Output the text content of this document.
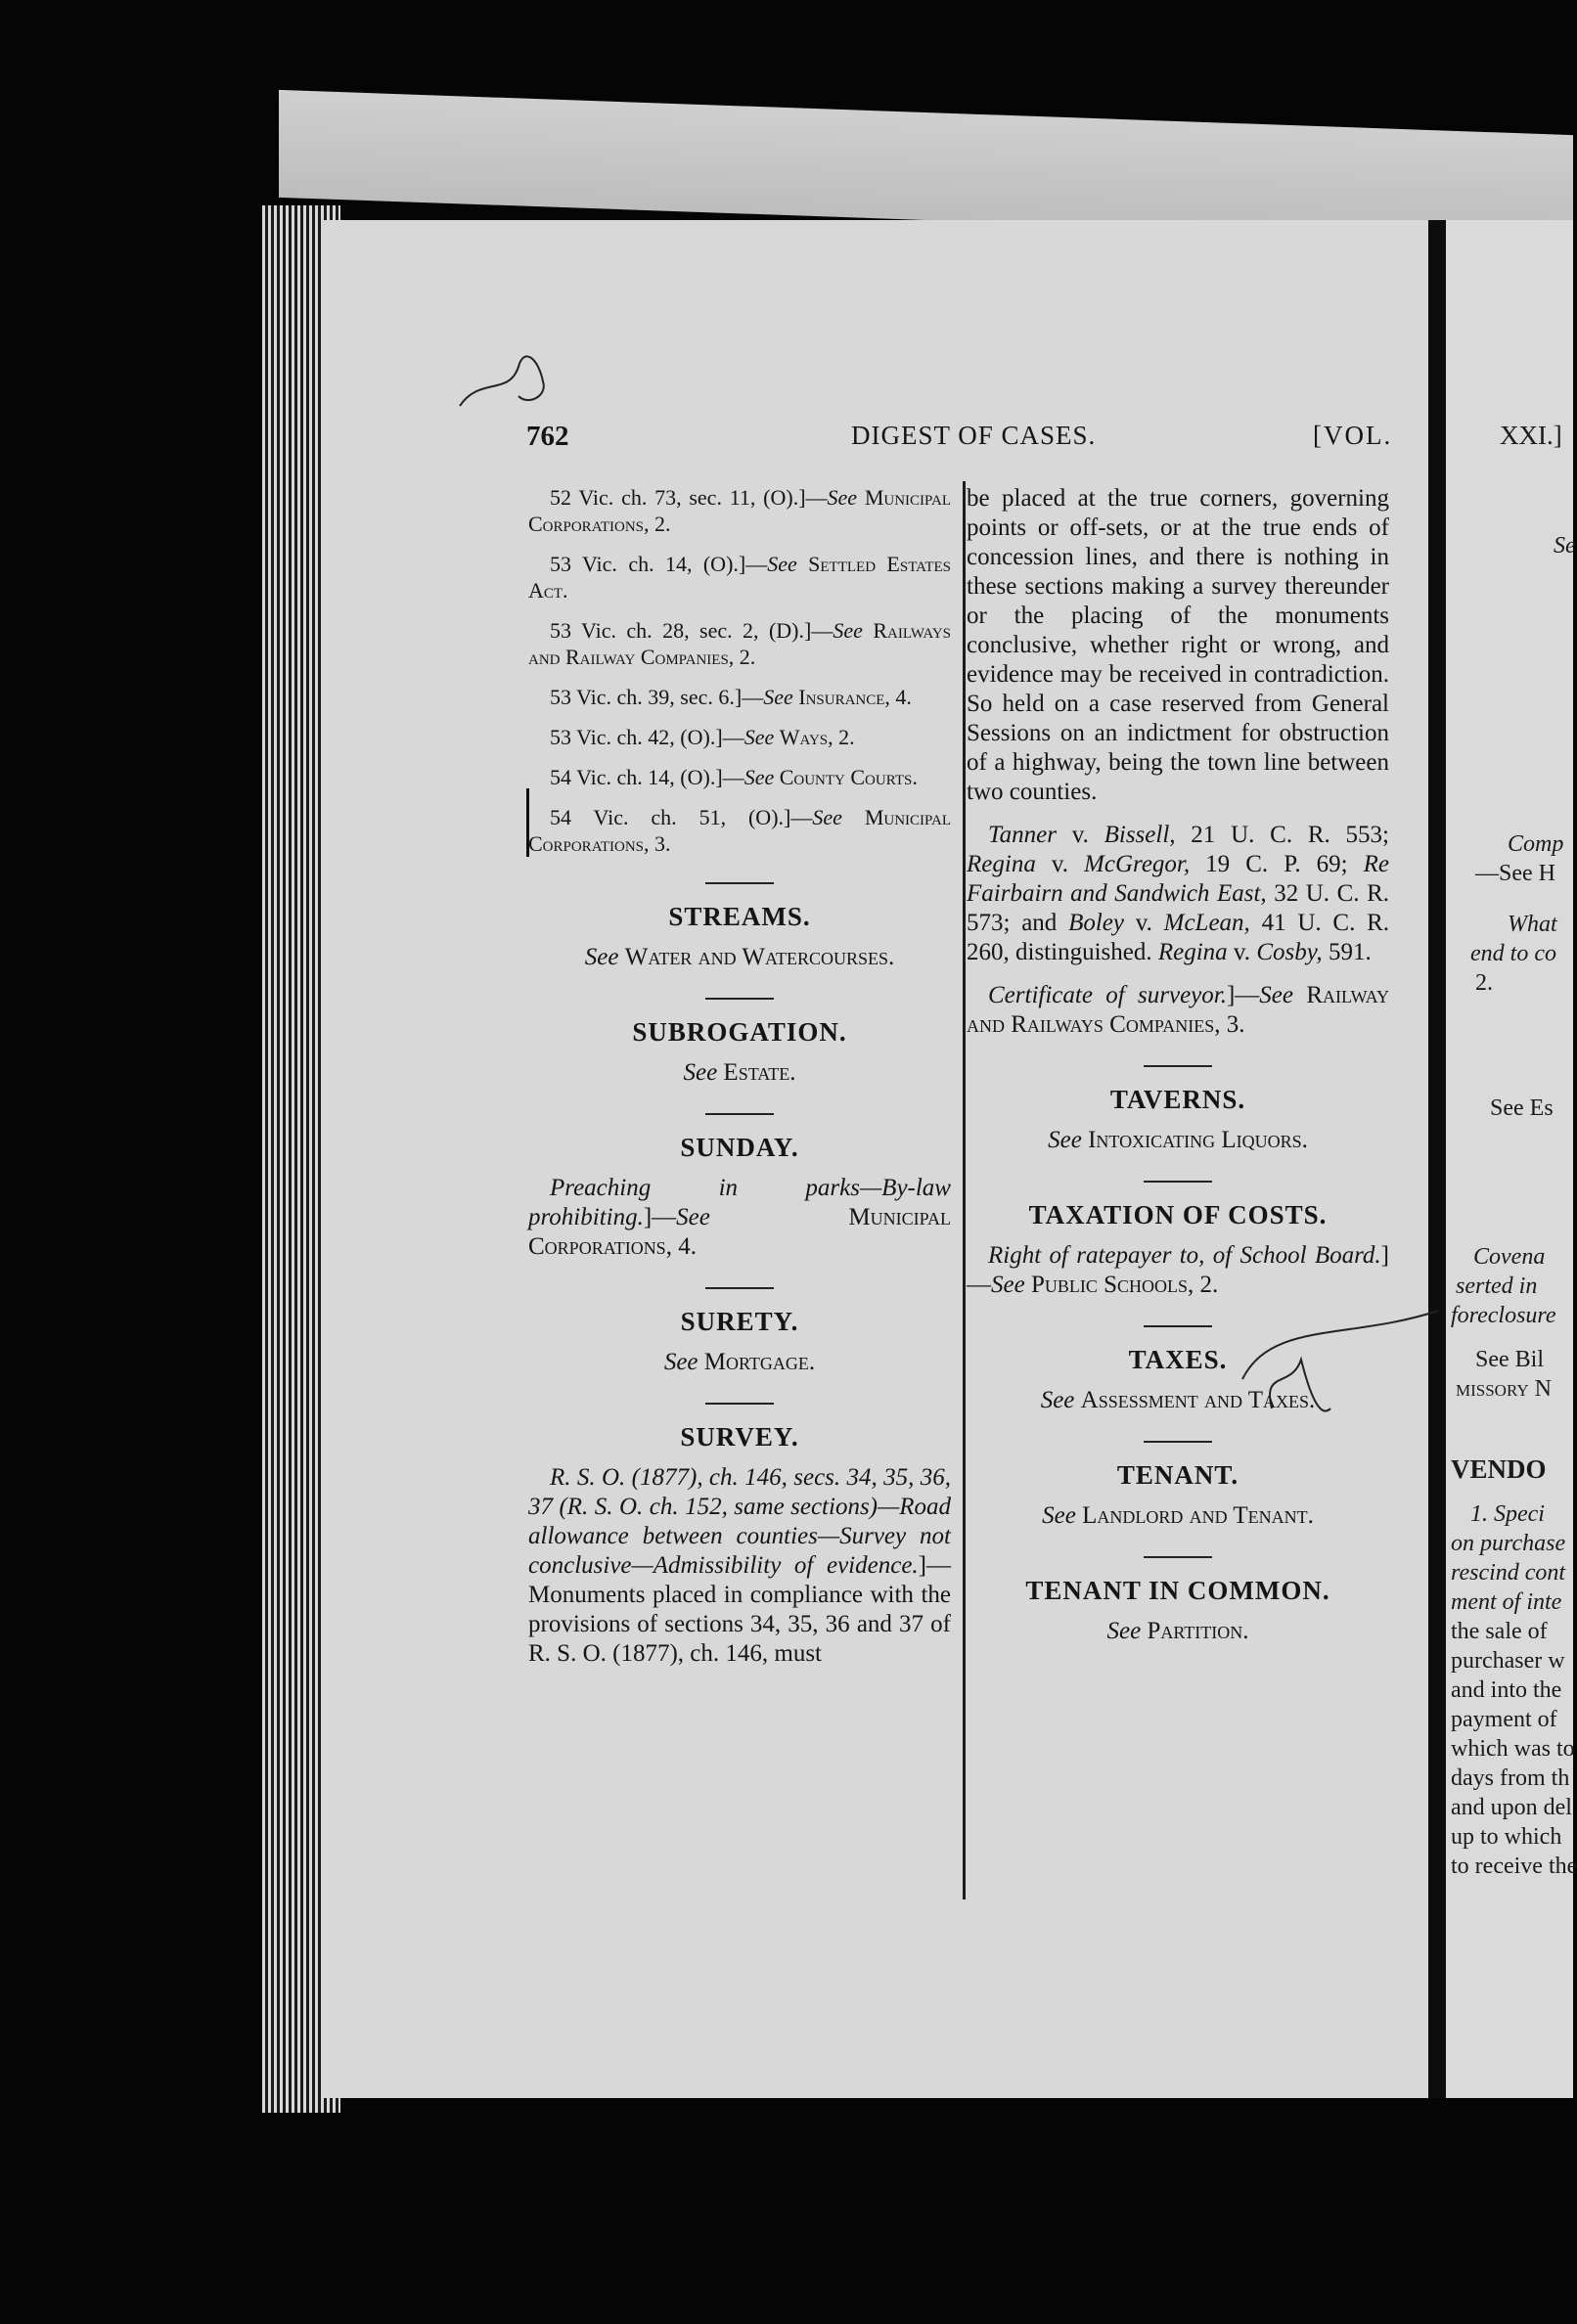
XXI.]
Se
Comp
—See H
What
end to co
2.
See Es
Covena
serted in
foreclosure
See Bil
missory N
VENDO
1. Speci
on purchase
rescind cont
ment of inte
the sale of
purchaser w
and into the
payment of
which was to
days from th
and upon del
up to which
to receive the
762	DIGEST OF CASES.	[VOL.

52 Vic. ch. 73, sec. 11, (O).]—See Municipal Corporations, 2.

53 Vic. ch. 14, (O).]—See Settled Estates Act.

53 Vic. ch. 28, sec. 2, (D).]—See Railways and Railway Companies, 2.

53 Vic. ch. 39, sec. 6.]—See Insurance, 4.

53 Vic. ch. 42, (O).]—See Ways, 2.

54 Vic. ch. 14, (O).]—See County Courts.

54 Vic. ch. 51, (O).]—See Municipal Corporations, 3.

STREAMS.

See Water and Watercourses.

SUBROGATION.

See Estate.

SUNDAY.

Preaching in parks—By-law prohibiting.]—See	Municipal Corporations, 4.

SURETY.

See Mortgage.

SURVEY.

R. S. O. (1877), ch. 146, secs. 34, 35, 36, 37 (R. S. O. ch. 152, same sections)—Road allowance between counties—Survey not conclusive—Admissibility of evidence.]—Monuments placed in compliance with the provisions of sections 34, 35, 36 and 37 of R. S. O. (1877), ch. 146, must

be placed at the true corners, governing points or off-sets, or at the true ends of concession lines, and there is nothing in these sections making a survey thereunder or the placing of the monuments conclusive, whether right or wrong, and evidence may be received in contradiction. So held on a case reserved from General Sessions on an indictment for obstruction of a highway, being the town line between two counties.

Tanner v. Bissell, 21 U. C. R. 553; Regina v. McGregor, 19 C. P. 69; Re Fairbairn and Sandwich East, 32 U. C. R. 573; and Boley v. McLean, 41 U. C. R. 260, distinguished. Regina v. Cosby, 591.

Certificate of surveyor.]—See Railway and Railways Companies, 3.

TAVERNS.

See Intoxicating Liquors.

TAXATION OF COSTS.

Right of ratepayer to, of School Board.]—See Public Schools, 2.

TAXES.

See Assessment and Taxes.

TENANT.

See Landlord and Tenant.

TENANT IN COMMON.

See Partition.
